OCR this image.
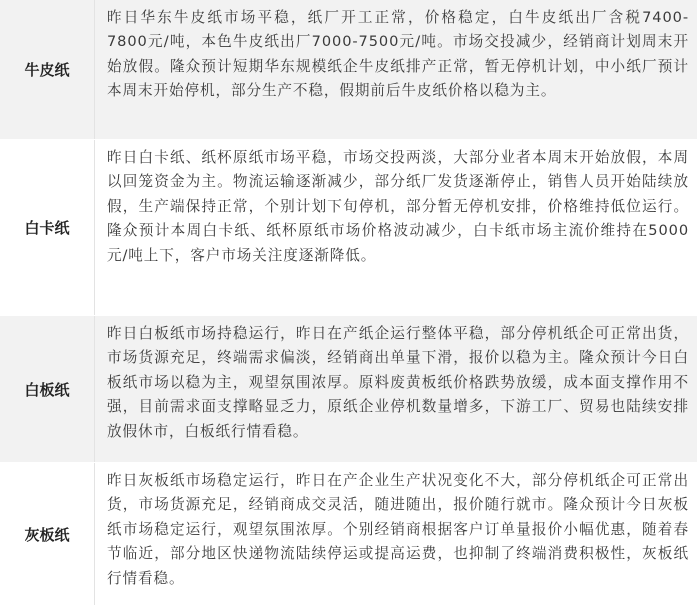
牛皮纸
昨日华东牛皮纸市场平稳，纸厂开工正常，价格稳定，白牛皮纸出厂含税7400-7800元/吨，本色牛皮纸出厂7000-7500元/吨。市场交投减少，经销商计划周末开始放假。隆众预计短期华东规模纸企牛皮纸排产正常，暂无停机计划，中小纸厂预计本周末开始停机，部分生产不稳，假期前后牛皮纸价格以稳为主。
白卡纸
昨日白卡纸、纸杯原纸市场平稳，市场交投两淡，大部分业者本周末开始放假，本周以回笼资金为主。物流运输逐渐减少，部分纸厂发货逐渐停止，销售人员开始陆续放假，生产端保持正常，个别计划下旬停机，部分暂无停机安排，价格维持低位运行。隆众预计本周白卡纸、纸杯原纸市场价格波动减少，白卡纸市场主流价维持在5000元/吨上下，客户市场关注度逐渐降低。
白板纸
昨日白板纸市场持稳运行，昨日在产纸企运行整体平稳，部分停机纸企可正常出货，市场货源充足，终端需求偏淡，经销商出单量下滑，报价以稳为主。隆众预计今日白板纸市场以稳为主，观望氛围浓厚。原料废黄板纸价格跌势放缓，成本面支撑作用不强，目前需求面支撑略显乏力，原纸企业停机数量增多，下游工厂、贸易也陆续安排放假休市，白板纸行情看稳。
灰板纸
昨日灰板纸市场稳定运行，昨日在产企业生产状况变化不大，部分停机纸企可正常出货，市场货源充足，经销商成交灵活，随进随出，报价随行就市。隆众预计今日灰板纸市场稳定运行，观望氛围浓厚。个别经销商根据客户订单量报价小幅优惠，随着春节临近，部分地区快递物流陆续停运或提高运费，也抑制了终端消费积极性，灰板纸行情看稳。
